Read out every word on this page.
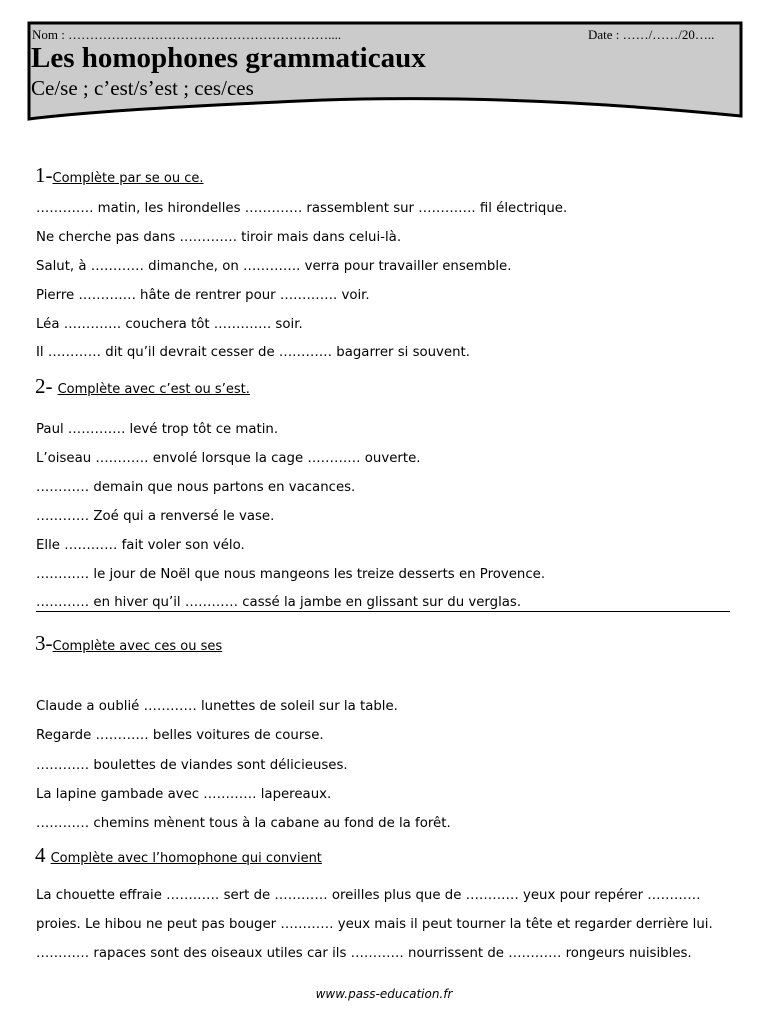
Nom : ……………………………………………………....	Date : ……/……/20…..
Les homophones grammaticaux
Ce/se ; c’est/s’est ; ces/ces
1-Complète par se ou ce.
…………. matin, les hirondelles …………. rassemblent sur …………. fil électrique.
Ne cherche pas dans …………. tiroir mais dans celui-là.
Salut, à ………… dimanche, on …………. verra pour travailler ensemble.
Pierre …………. hâte de rentrer pour …………. voir.
Léa …………. couchera tôt …………. soir.
Il ………… dit qu’il devrait cesser de ………… bagarrer si souvent.
2- Complète avec c’est ou s’est.
Paul …………. levé trop tôt ce matin.
L’oiseau ………… envolé lorsque la cage ………… ouverte.
………… demain que nous partons en vacances.
………… Zoé qui a renversé le vase.
Elle ………… fait voler son vélo.
………… le jour de Noël que nous mangeons les treize desserts en Provence.
………… en hiver qu’il ………… cassé la jambe en glissant sur du verglas.
3-Complète avec ces ou ses
Claude a oublié ………… lunettes de soleil sur la table.
Regarde ………… belles voitures de course.
………… boulettes de viandes sont délicieuses.
La lapine gambade avec ………… lapereaux.
………… chemins mènent tous à la cabane au fond de la forêt.
4 Complète avec l’homophone qui convient
La chouette effraie ………… sert de ………… oreilles plus que de ………… yeux pour repérer …………
proies. Le hibou ne peut pas bouger ………… yeux mais il peut tourner la tête et regarder derrière lui.
………… rapaces sont des oiseaux utiles car ils ………… nourrissent de ………… rongeurs nuisibles.
www.pass-education.fr
